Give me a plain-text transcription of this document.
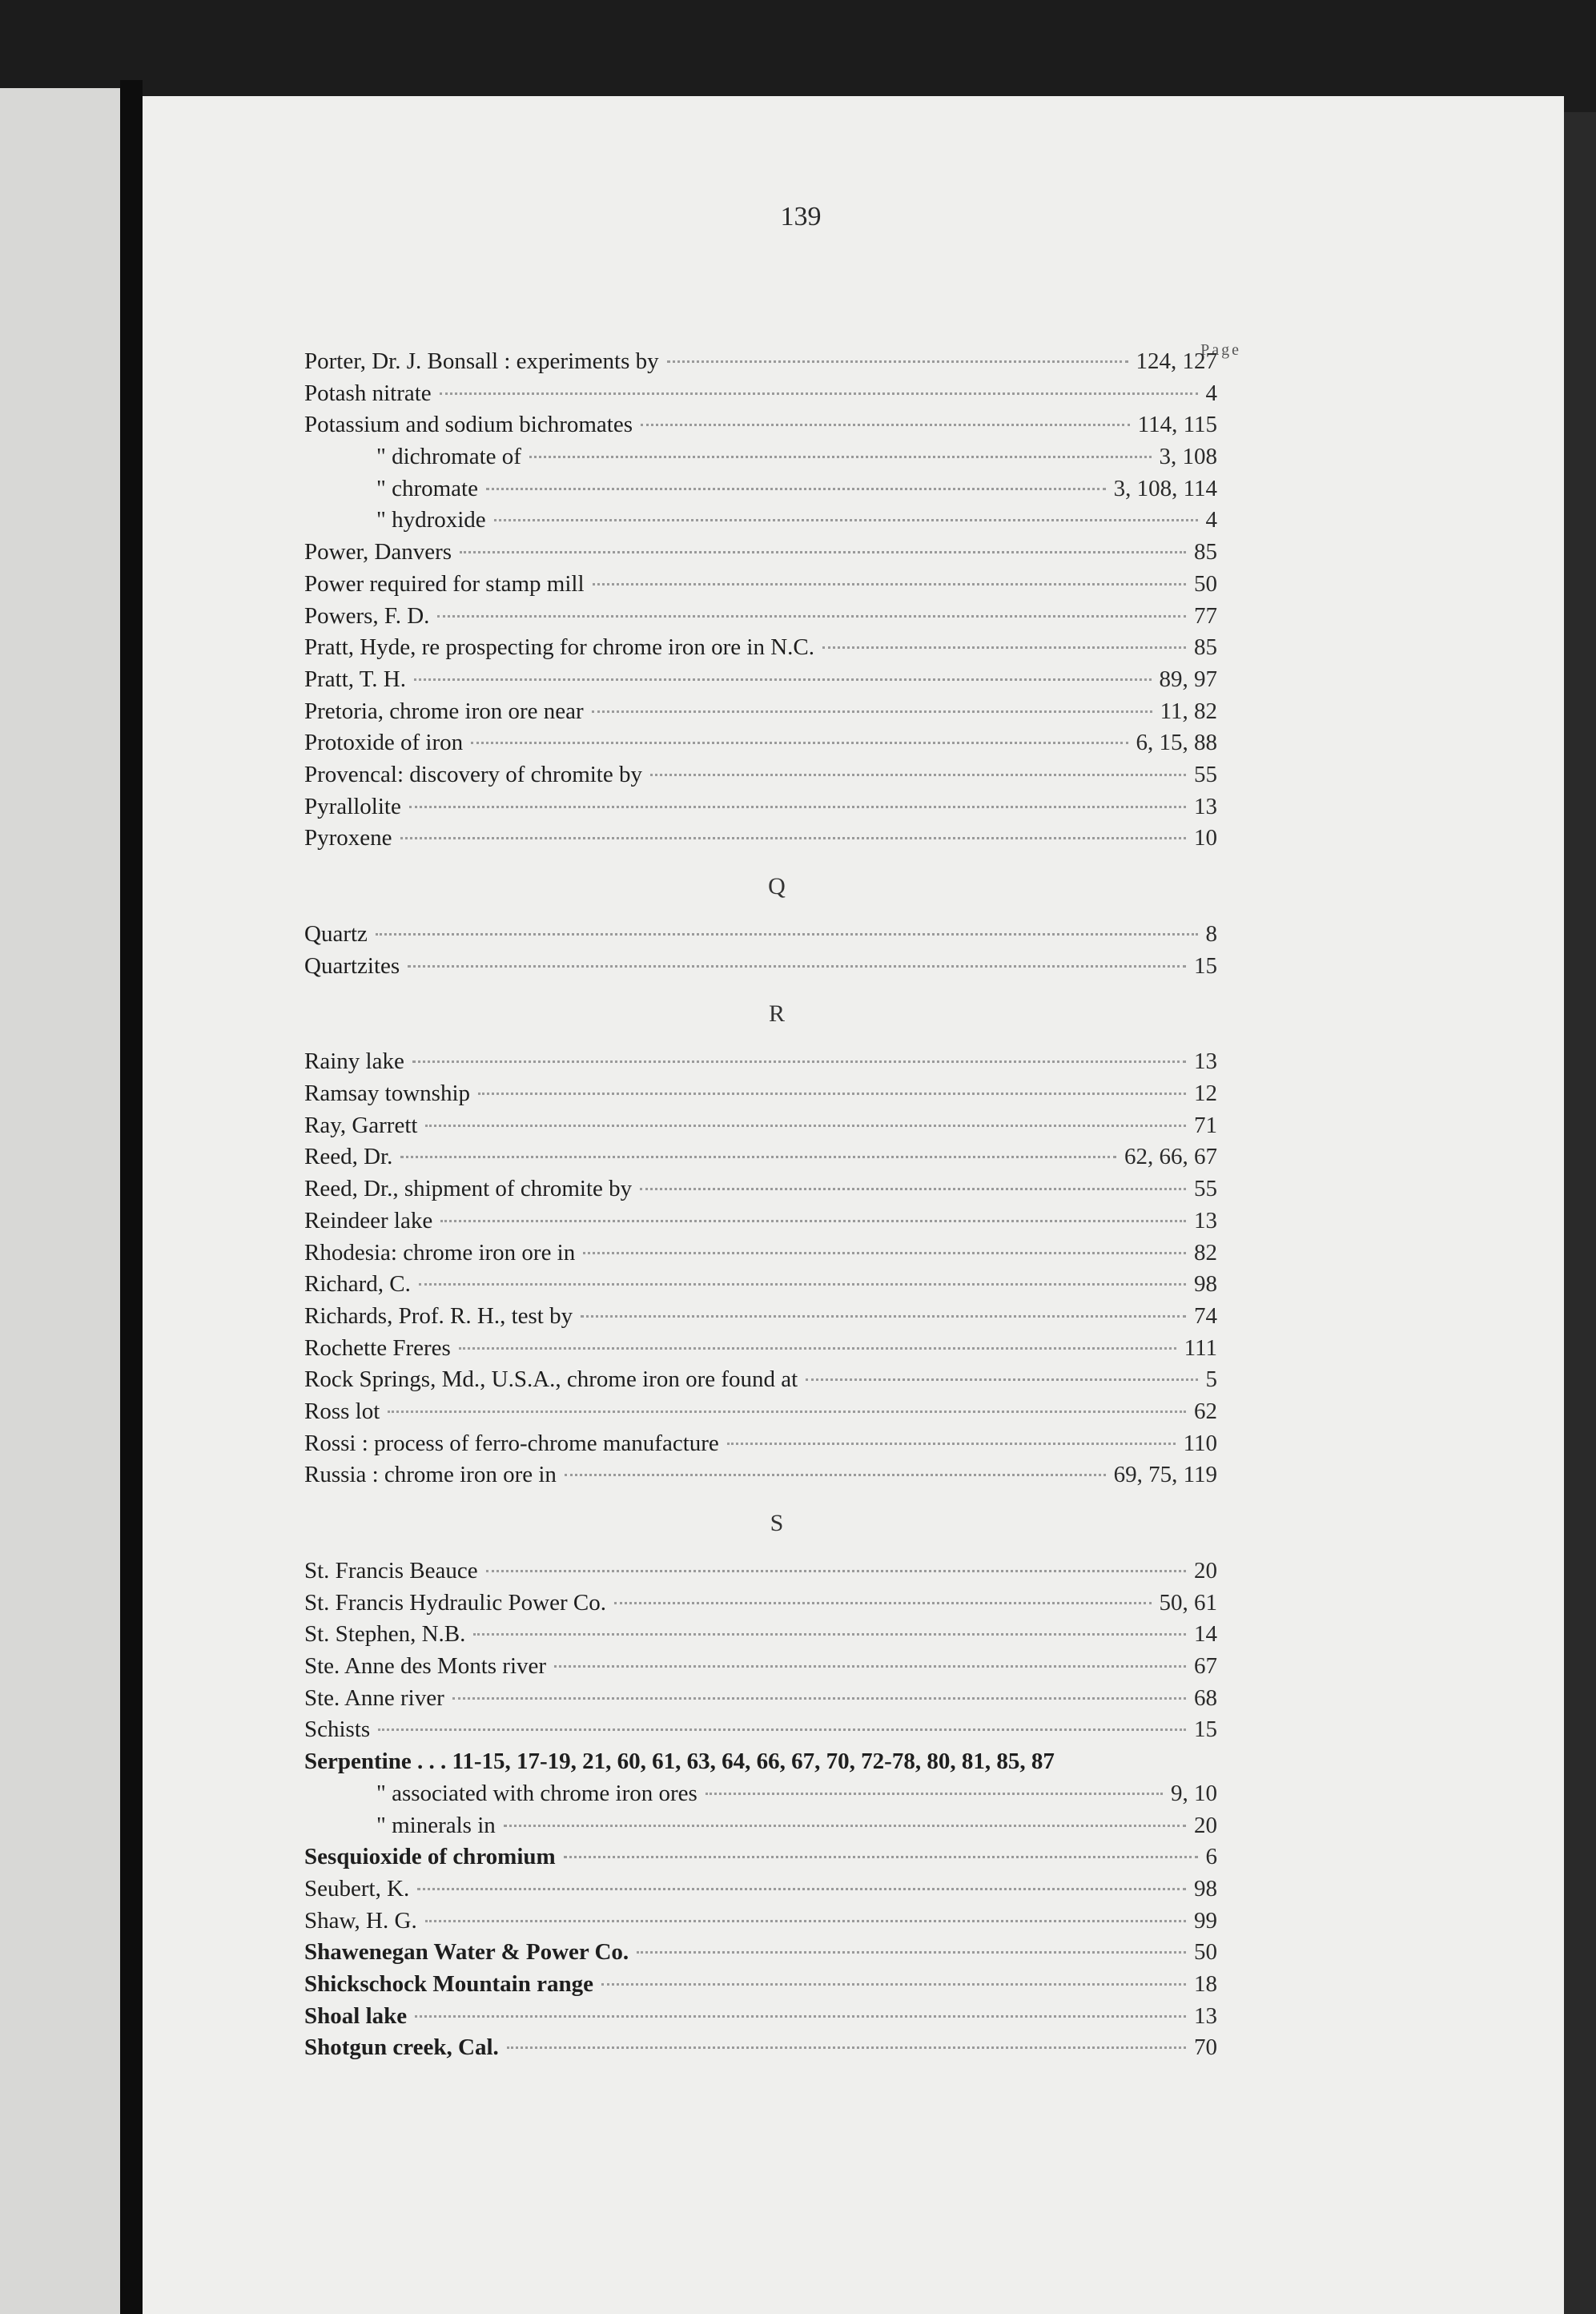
139
Page
Porter, Dr. J. Bonsall : experiments by	124, 127
Potash nitrate	4
Potassium and sodium bichromates	114, 115
" dichromate of	3, 108
" chromate	3, 108, 114
" hydroxide	4
Power, Danvers	85
Power required for stamp mill	50
Powers, F. D.	77
Pratt, Hyde, re prospecting for chrome iron ore in N.C.	85
Pratt, T. H.	89, 97
Pretoria, chrome iron ore near	11, 82
Protoxide of iron	6, 15, 88
Provencal: discovery of chromite by	55
Pyrallolite	13
Pyroxene	10
Q
Quartz	8
Quartzites	15
R
Rainy lake	13
Ramsay township	12
Ray, Garrett	71
Reed, Dr.	62, 66, 67
Reed, Dr., shipment of chromite by	55
Reindeer lake	13
Rhodesia: chrome iron ore in	82
Richard, C.	98
Richards, Prof. R. H., test by	74
Rochette Freres	111
Rock Springs, Md., U.S.A., chrome iron ore found at	5
Ross lot	62
Rossi : process of ferro-chrome manufacture	110
Russia : chrome iron ore in	69, 75, 119
S
St. Francis Beauce	20
St. Francis Hydraulic Power Co.	50, 61
St. Stephen, N.B.	14
Ste. Anne des Monts river	67
Ste. Anne river	68
Schists	15
Serpentine . . . 11-15, 17-19, 21, 60, 61, 63, 64, 66, 67, 70, 72-78, 80, 81, 85, 87
" associated with chrome iron ores	9, 10
" minerals in	20
Sesquioxide of chromium	6
Seubert, K.	98
Shaw, H. G.	99
Shawenegan Water & Power Co.	50
Shickschock Mountain range	18
Shoal lake	13
Shotgun creek, Cal.	70
